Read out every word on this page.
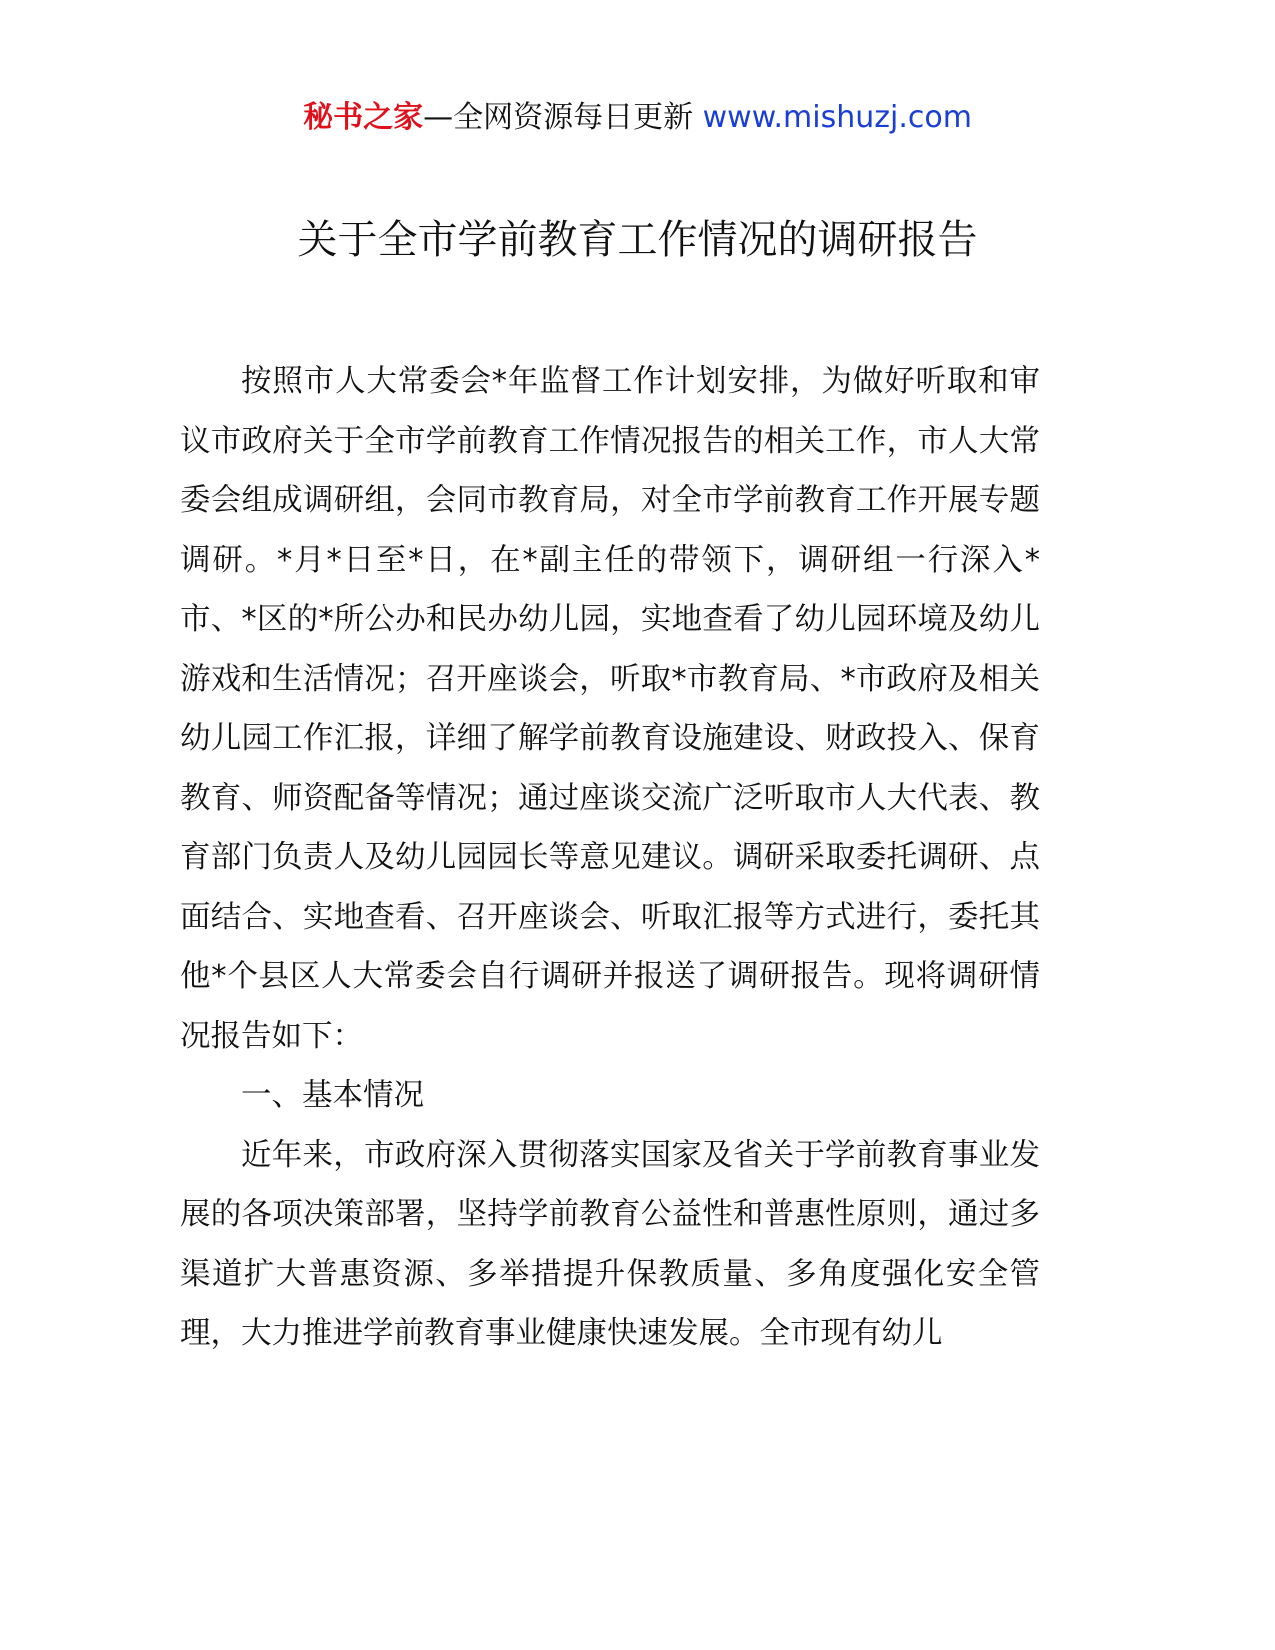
秘书之家—全网资源每日更新 www.mishuzj.com
关于全市学前教育工作情况的调研报告

按照市人大常委会*年监督工作计划安排，为做好听取和审议市政府关于全市学前教育工作情况报告的相关工作，市人大常委会组成调研组，会同市教育局，对全市学前教育工作开展专题调研。*月*日至*日，在*副主任的带领下，调研组一行深入*市、*区的*所公办和民办幼儿园，实地查看了幼儿园环境及幼儿游戏和生活情况；召开座谈会，听取*市教育局、*市政府及相关幼儿园工作汇报，详细了解学前教育设施建设、财政投入、保育教育、师资配备等情况；通过座谈交流广泛听取市人大代表、教育部门负责人及幼儿园园长等意见建议。调研采取委托调研、点面结合、实地查看、召开座谈会、听取汇报等方式进行，委托其他*个县区人大常委会自行调研并报送了调研报告。现将调研情况报告如下：

一、基本情况

近年来，市政府深入贯彻落实国家及省关于学前教育事业发展的各项决策部署，坚持学前教育公益性和普惠性原则，通过多渠道扩大普惠资源、多举措提升保教质量、多角度强化安全管理，大力推进学前教育事业健康快速发展。全市现有幼儿
